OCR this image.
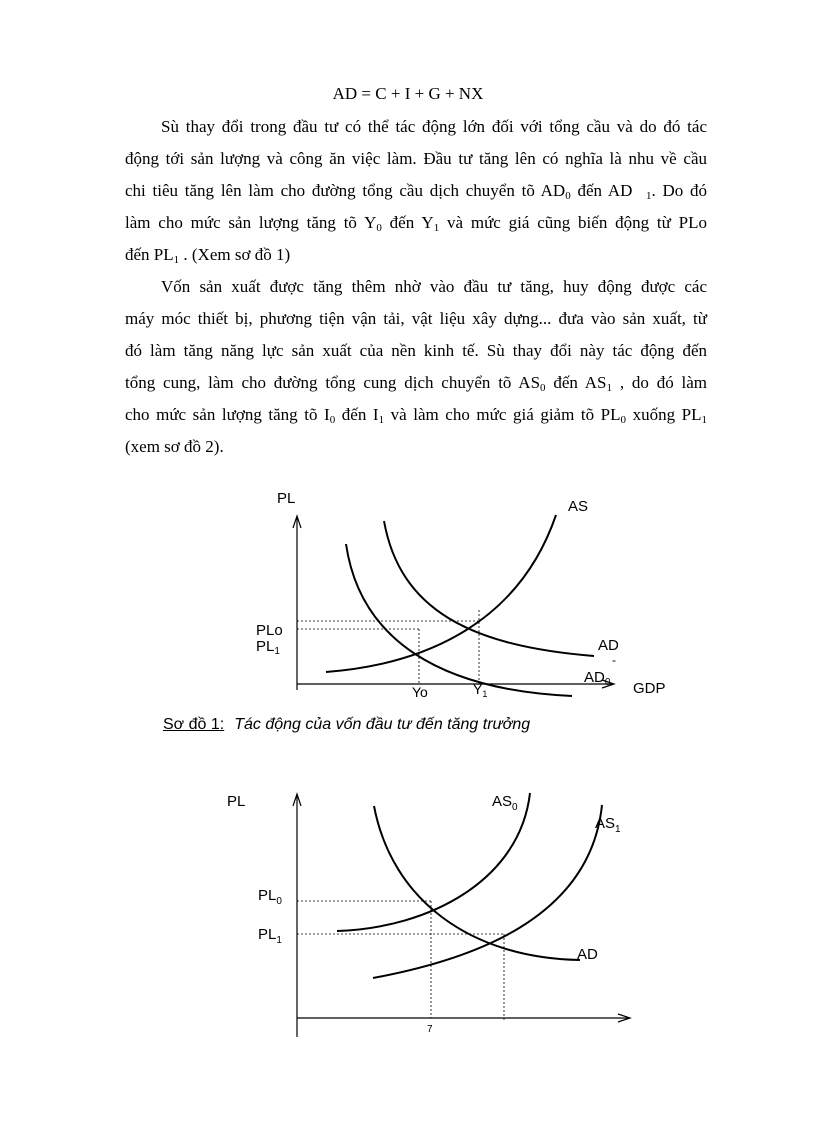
AD = C + I + G + NX
Sù thay đổi trong đầu tư có thể tác động lớn đối với tổng cầu và do đó tác
động tới sản lượng và công ăn việc làm. Đầu tư tăng lên có nghĩa là nhu về cầu
chi tiêu tăng lên làm cho đường tổng cầu dịch chuyển tõ $AD_0$ đến AD $_1$. Do đó
làm cho mức sản lượng tăng tõ $Y_0$ đến $Y_1$ và mức giá cũng biến động từ PLo
đến $PL_1$ . (Xem sơ đồ 1)
Vốn sản xuất được tăng thêm nhờ vào đầu tư tăng, huy động được các
máy móc thiết bị, phương tiện vận tải, vật liệu xây dựng... đưa vào sản xuất, từ
đó làm tăng năng lực sản xuất của nền kinh tế. Sù thay đổi này tác động đến
tổng cung, làm cho đường tổng cung dịch chuyển tõ $AS_0$ đến $AS_1$ , do đó làm
cho mức sản lượng tăng tõ $I_0$ đến $I_1$ và làm cho mức giá giảm tõ $PL_0$ xuống $PL_1$
(xem sơ đồ 2).
PL	AS
AD
-
$AD_0$ GDP
PLo
$PL_1$
Yo	$Y_1$
Sơ đồ 1: Tác động của vốn đầu tư đến tăng trưởng
PL	$AS_0$
$AS_1$
AD
$PL_0$
$PL_1$
7
